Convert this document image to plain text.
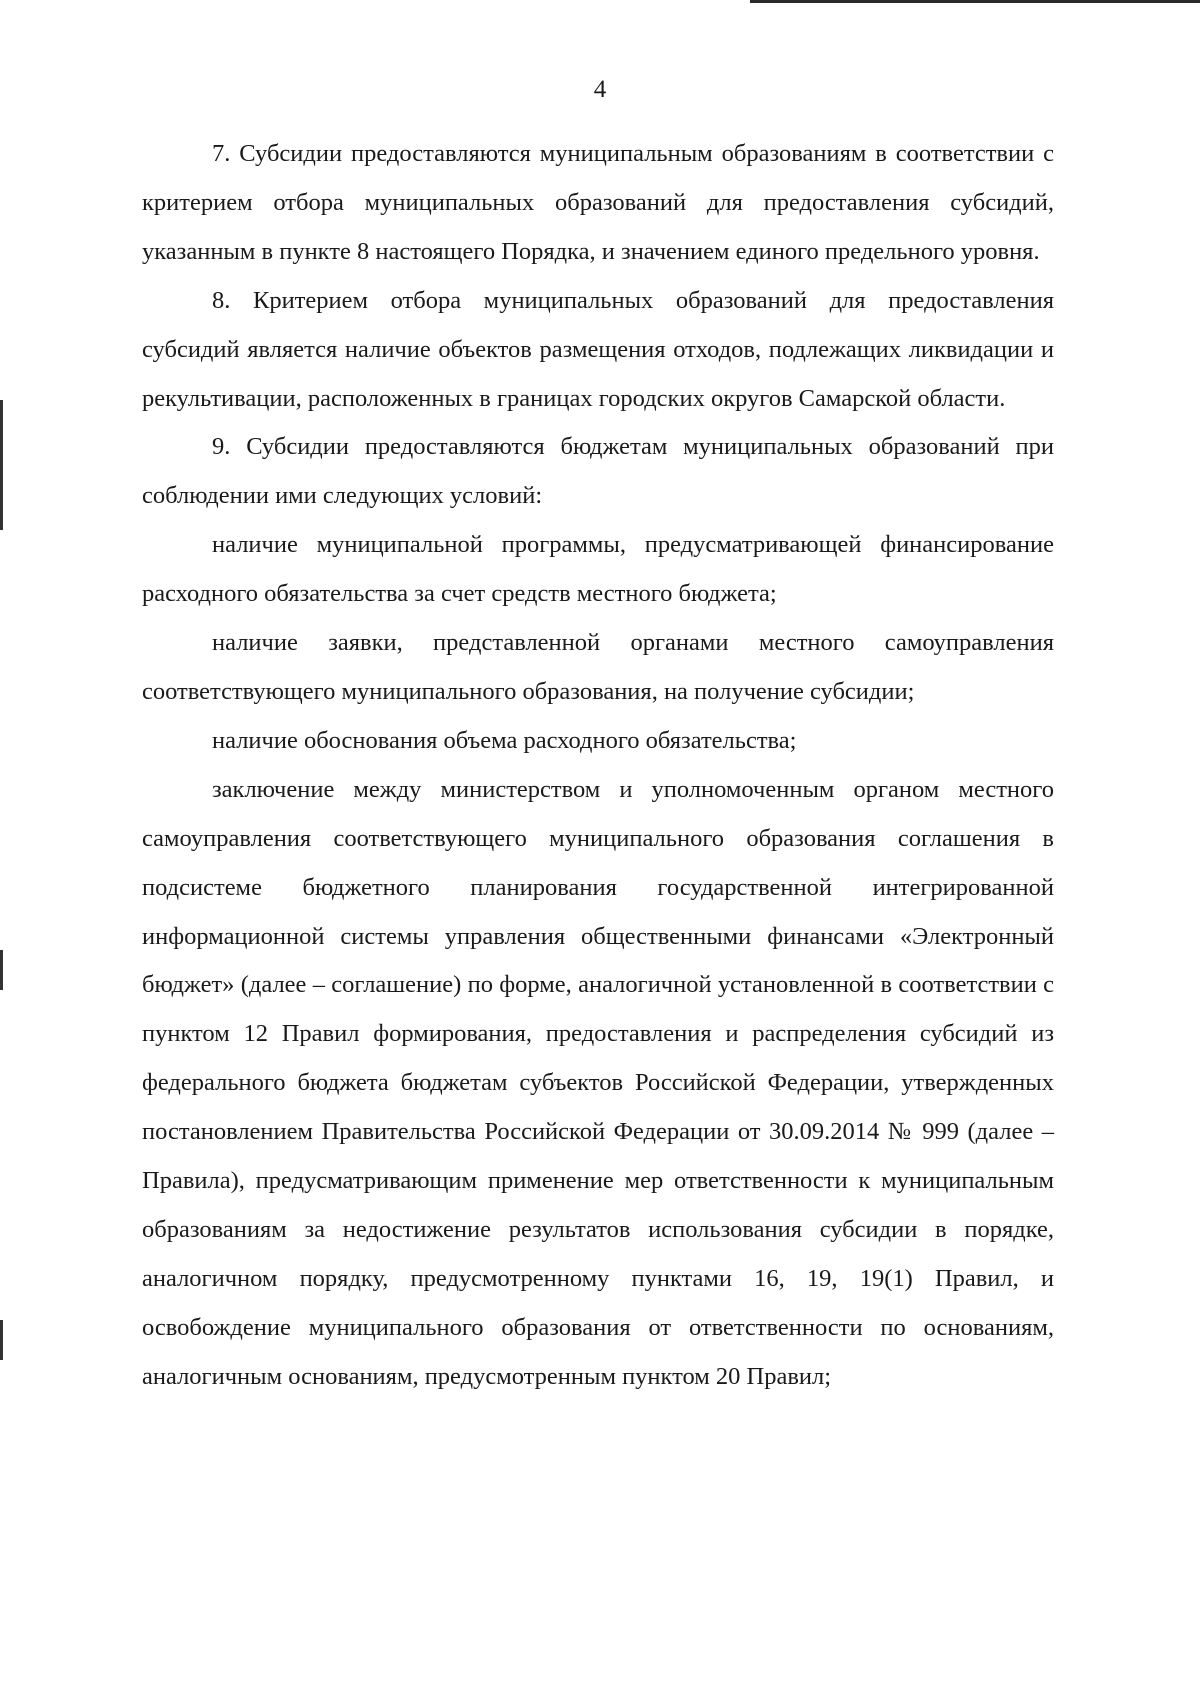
4

7. Субсидии предоставляются муниципальным образованиям в соответствии с критерием отбора муниципальных образований для предоставления субсидий, указанным в пункте 8 настоящего Порядка, и значением единого предельного уровня.

8. Критерием отбора муниципальных образований для предоставления субсидий является наличие объектов размещения отходов, подлежащих ликвидации и рекультивации, расположенных в границах городских округов Самарской области.

9. Субсидии предоставляются бюджетам муниципальных образований при соблюдении ими следующих условий:

наличие муниципальной программы, предусматривающей финансирование расходного обязательства за счет средств местного бюджета;

наличие заявки, представленной органами местного самоуправления соответствующего муниципального образования, на получение субсидии;

наличие обоснования объема расходного обязательства;

заключение между министерством и уполномоченным органом местного самоуправления соответствующего муниципального образования соглашения в подсистеме бюджетного планирования государственной интегрированной информационной системы управления общественными финансами «Электронный бюджет» (далее – соглашение) по форме, аналогичной установленной в соответствии с пунктом 12 Правил формирования, предоставления и распределения субсидий из федерального бюджета бюджетам субъектов Российской Федерации, утвержденных постановлением Правительства Российской Федерации от 30.09.2014 № 999 (далее – Правила), предусматривающим применение мер ответственности к муниципальным образованиям за недостижение результатов использования субсидии в порядке, аналогичном порядку, предусмотренному пунктами 16, 19, 19(1) Правил, и освобождение муниципального образования от ответственности по основаниям, аналогичным основаниям, предусмотренным пунктом 20 Правил;
